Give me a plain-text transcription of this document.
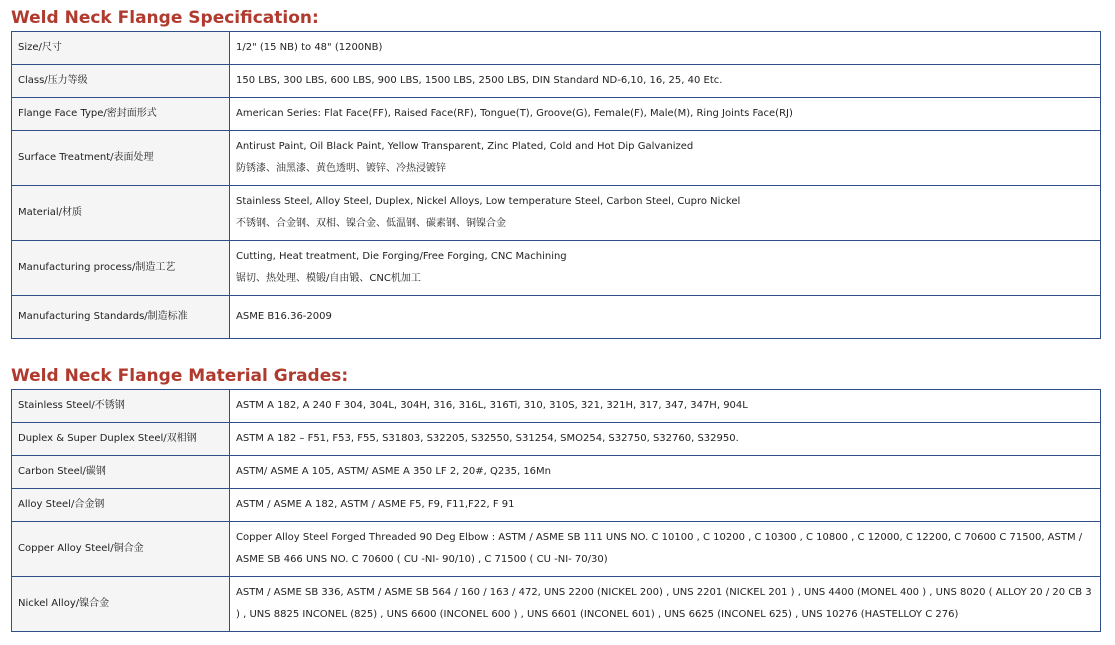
Weld Neck Flange Specification:
Size/尺寸	1/2" (15 NB) to 48" (1200NB)

Class/压力等级	150 LBS, 300 LBS, 600 LBS, 900 LBS, 1500 LBS, 2500 LBS, DIN Standard ND-6,10, 16, 25, 40 Etc.

Flange Face Type/密封面形式	American Series: Flat Face(FF), Raised Face(RF), Tongue(T), Groove(G), Female(F), Male(M), Ring Joints Face(RJ)

Surface Treatment/表面处理	Antirust Paint, Oil Black Paint, Yellow Transparent, Zinc Plated, Cold and Hot Dip Galvanized
防锈漆、油黑漆、黄色透明、镀锌、冷热浸镀锌

Material/材质	Stainless Steel, Alloy Steel, Duplex, Nickel Alloys, Low temperature Steel, Carbon Steel, Cupro Nickel
不锈钢、合金钢、双相、镍合金、低温钢、碳素钢、铜镍合金

Manufacturing process/制造工艺	Cutting, Heat treatment, Die Forging/Free Forging, CNC Machining
锯切、热处理、模锻/自由锻、CNC机加工

Manufacturing Standards/制造标准	ASME B16.36-2009
Weld Neck Flange Material Grades:
Stainless Steel/不锈钢	ASTM A 182, A 240 F 304, 304L, 304H, 316, 316L, 316Ti, 310, 310S, 321, 321H, 317, 347, 347H, 904L

Duplex & Super Duplex Steel/双相钢	ASTM A 182 – F51, F53, F55, S31803, S32205, S32550, S31254, SMO254, S32750, S32760, S32950.

Carbon Steel/碳钢	ASTM/ ASME A 105, ASTM/ ASME A 350 LF 2, 20#, Q235, 16Mn

Alloy Steel/合金钢	ASTM / ASME A 182, ASTM / ASME F5, F9, F11,F22, F 91

Copper Alloy Steel/铜合金	Copper Alloy Steel Forged Threaded 90 Deg Elbow : ASTM / ASME SB 111 UNS NO. C 10100 , C 10200 , C 10300 , C 10800 , C 12000, C 12200, C 70600 C 71500, ASTM / ASME SB 466 UNS NO. C 70600 ( CU -NI- 90/10) , C 71500 ( CU -NI- 70/30)

Nickel Alloy/镍合金	ASTM / ASME SB 336, ASTM / ASME SB 564 / 160 / 163 / 472, UNS 2200 (NICKEL 200) , UNS 2201 (NICKEL 201 ) , UNS 4400 (MONEL 400 ) , UNS 8020 ( ALLOY 20 / 20 CB 3 ) , UNS 8825 INCONEL (825) , UNS 6600 (INCONEL 600 ) , UNS 6601 (INCONEL 601) , UNS 6625 (INCONEL 625) , UNS 10276 (HASTELLOY C 276)
